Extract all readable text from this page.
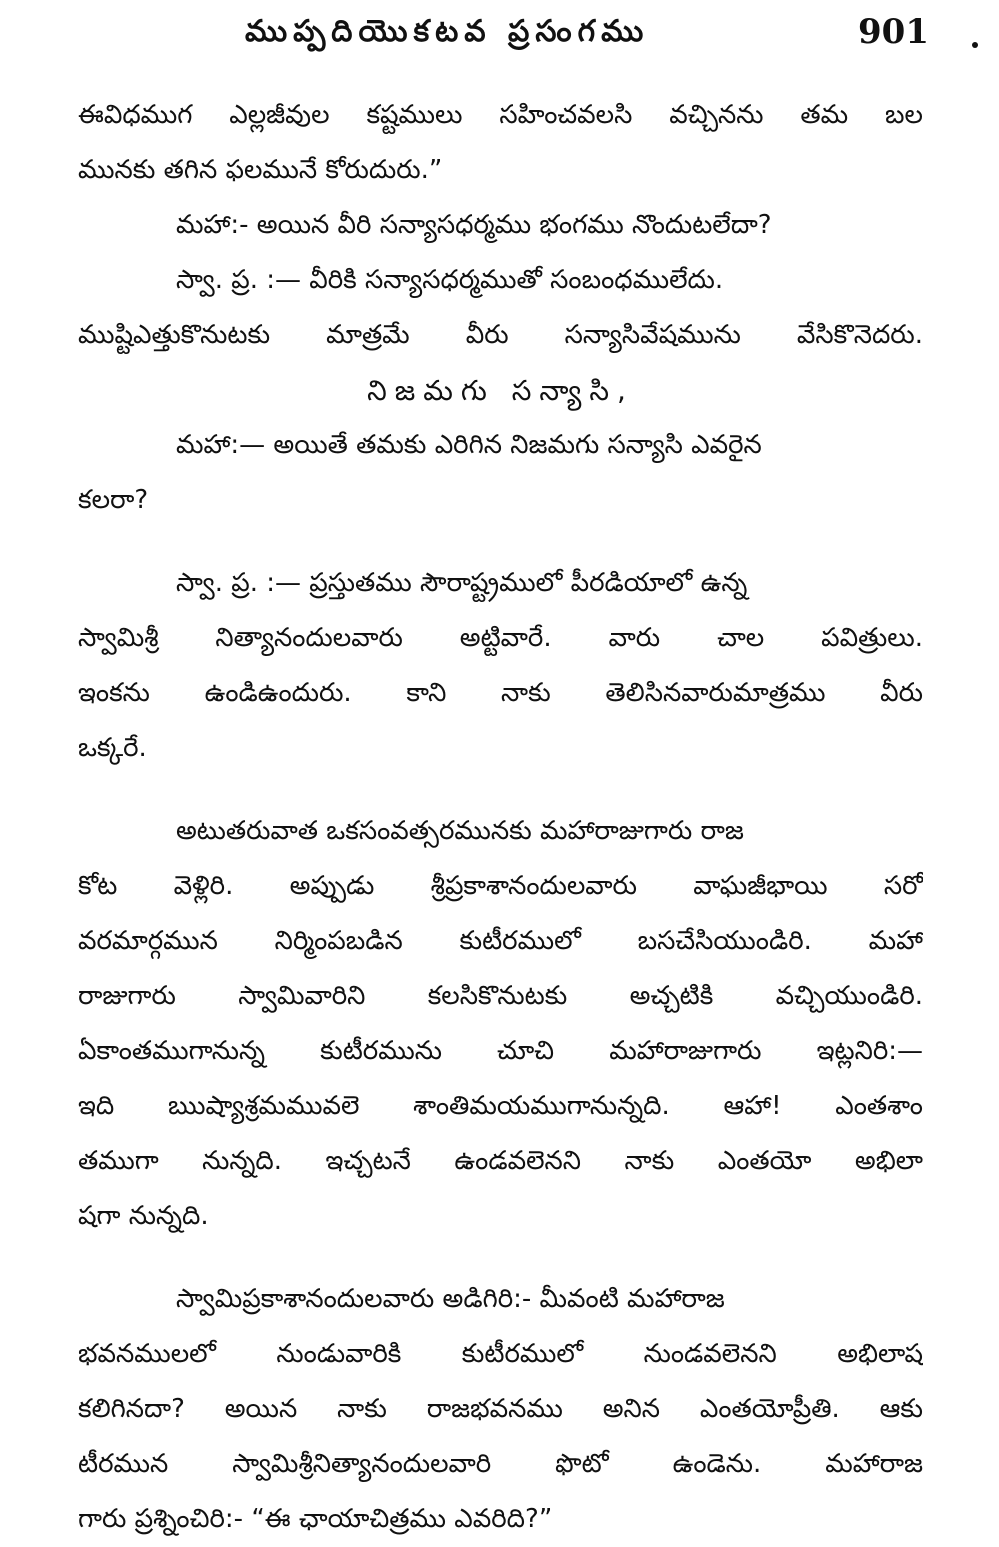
ముప్పదియొకటవ ప్రసంగము	901
ఈవిధముగ ఎల్లజీవుల కష్టములు సహించవలసి వచ్చినను తమ బల
మునకు తగిన ఫలమునే కోరుదురు.”
మహా:- అయిన వీరి సన్యాసధర్మము భంగము నొందుటలేదా?
స్వా. ప్ర. :— వీరికి సన్యాసధర్మముతో సంబంధములేదు.
ముష్టిఎత్తుకొనుటకు మాత్రమే వీరు సన్యాసివేషమును వేసికొనెదరు.
నిజమగు సన్యాసి,
మహా:— అయితే తమకు ఎరిగిన నిజమగు సన్యాసి ఎవరైన
కలరా?
స్వా. ప్ర. :— ప్రస్తుతము సౌరాష్ట్రములో పీరడియాలో ఉన్న
స్వామిశ్రీ నిత్యానందులవారు అట్టివారే. వారు చాల పవిత్రులు.
ఇంకను ఉండిఉందురు. కాని నాకు తెలిసినవారుమాత్రము వీరు
ఒక్కరే.
అటుతరువాత ఒకసంవత్సరమునకు మహారాజుగారు రాజ
కోట వెళ్లిరి. అప్పుడు శ్రీప్రకాశానందులవారు వాఘజీభాయి సరో
వరమార్గమున నిర్మింపబడిన కుటీరములో బసచేసియుండిరి. మహా
రాజుగారు స్వామివారిని కలసికొనుటకు అచ్చటికి వచ్చియుండిరి.
ఏకాంతముగానున్న కుటీరమును చూచి మహారాజుగారు ఇట్లనిరి:—
ఇది ఋష్యాశ్రమమువలె శాంతిమయముగానున్నది. ఆహా! ఎంతశాం
తముగా నున్నది. ఇచ్చటనే ఉండవలెనని నాకు ఎంతయో అభిలా
షగా నున్నది.
స్వామిప్రకాశానందులవారు అడిగిరి:- మీవంటి మహారాజ
భవనములలో నుండువారికి కుటీరములో నుండవలెనని అభిలాష
కలిగినదా? అయిన నాకు రాజభవనము అనిన ఎంతయోప్రీతి. ఆకు
టీరమున స్వామిశ్రీనిత్యానందులవారి ఫొటో ఉండెను. మహారాజ
గారు ప్రశ్నించిరి:- “ఈ ఛాయాచిత్రము ఎవరిది?”
